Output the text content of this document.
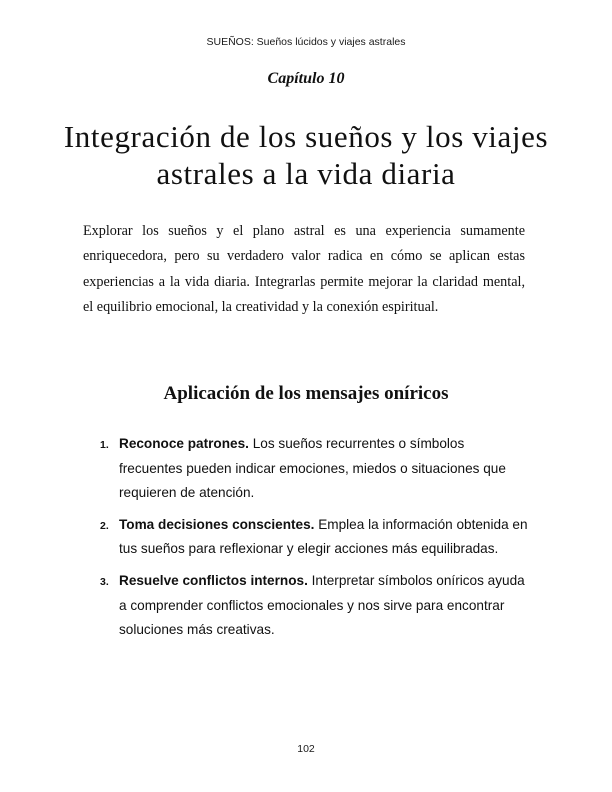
SUEÑOS: Sueños lúcidos y viajes astrales
Capítulo 10
Integración de los sueños y los viajes astrales a la vida diaria

Explorar los sueños y el plano astral es una experiencia sumamente enriquecedora, pero su verdadero valor radica en cómo se aplican estas experiencias a la vida diaria. Integrarlas permite mejorar la claridad mental, el equilibrio emocional, la creatividad y la conexión espiritual.

Aplicación de los mensajes oníricos
1. Reconoce patrones. Los sueños recurrentes o símbolos frecuentes pueden indicar emociones, miedos o situaciones que requieren de atención.
2. Toma decisiones conscientes. Emplea la información obtenida en tus sueños para reflexionar y elegir acciones más equilibradas.
3. Resuelve conflictos internos. Interpretar símbolos oníricos ayuda a comprender conflictos emocionales y nos sirve para encontrar soluciones más creativas.
102
